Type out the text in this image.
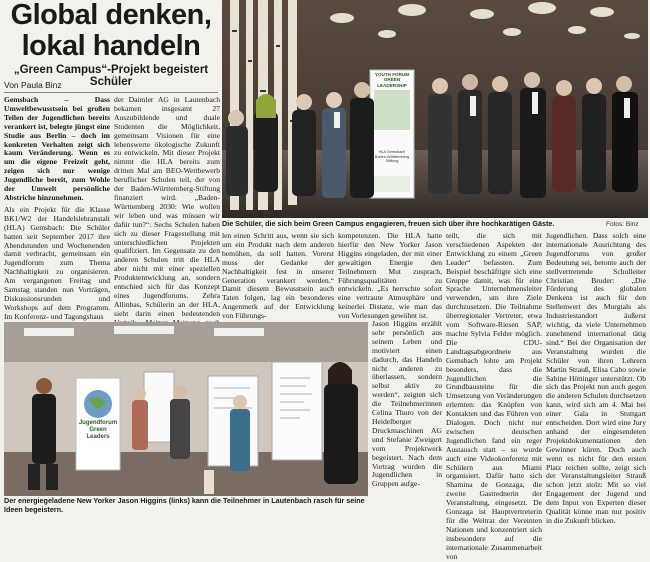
Global denken,
lokal handeln
„Green Campus“-Projekt begeistert Schüler
Von Paula Binz

Gemsbach – Dass Umweltbewusstsein bei großen Teilen der Jugendlichen bereits verankert ist, belegte jüngst eine Studie aus Berlin – doch im konkreten Verhalten zeigt sich kaum Veränderung. Wenn es um die eigene Freizeit geht, zeigen sich nur wenige Jugendliche bereit, zum Wohle der Umwelt persönliche Abstriche hinzunehmen.

Als ein Projekt für die Klasse BK1/W2 der Handelslehranstalt (HLA) Gemsbach: Die Schüler hatten seit September 2017 ihre Abendstunden und Wochenenden damit verbracht, gemeinsam ein Jugendforum zum Thema Nachhaltigkeit zu organisieren. Am vergangenen Freitag und Samstag standen nun Vorträgen, Diskussionsrunden und Workshops auf dem Programm. Im Konferenz- und Tagungshaus

der Daimler AG in Lautenbach bekamen insgesamt 27 Auszubildende und duale Studenten die Möglichkeit, gemeinsam Visionen für eine lebenswerte ökologische Zukunft zu entwickeln. Mit dieser Projekt nimmt die HLA bereits zum dritten Mal am BEO-Wettbewerb beruflicher Schulen teil, der von der Baden-Württemberg-Stiftung finanziert wird. „Baden-Württemberg 2030: Wie wollen wir leben und was müssen wir dafür tun?“: Sechs Schulen haben sich zu dieser Fragestellung mit unterschiedlichen Projekten qualifiziert. Im Gegensatz zu den anderen Schulen tritt die HLA aber nicht mit einer speziellen Produktentwicklung an, sondern entschied sich für das Konzept eines Jugendforums. Zehra Allinbas, Schülerin an der HLA, sieht darin einen bedeutenden

YOUTH FORUM
GREEN LEADERSHIP
HLA Gemsbach
Baden-Württemberg Stiftung
Die Schüler, die sich beim Green Campus engagieren, freuen sich über ihre hochkarätigen Gäste.	Fotos: Binz

len einen Schritt aus, wenn sie sich um ein Produkt nach dem anderen bemühen, da soll hatten. Vorerst muss der Gedanke der Nachhaltigkeit fest in unserer Generation verankert werden.“ Damit diesem Bewusstsein auch Taten folgen, lag ein besonderes Augenmerk auf der Entwicklung von Führungs-

kompetenzen. Die HLA hatte hierfür den New Yorker Jason Higgins eingeladen, der mit einer gewaltigen Energie den Teilnehmern Mut zusprach, Führungsqualitäten zu entwickeln. „Es herrschte sofort eine vertraute Atmosphäre und keinerlei Distanz, wie man das von Vorlesungen gewöhnt ist.

Jason Higgins erzählt sehr persönlich aus seinem Leben und motiviert einen dadurch, das Handeln nicht anderen zu überlassen, sondern selbst aktiv zu werden“, zeigten sich die Teilnehmerinnen Celina Thuro von der Heidelberger Druckmaschinen AG und Stefanie Zweigert vom Projektwerk begeistert. Nach dem Vortrag wurden die Jugendlichen in Gruppen aufge-

teilt, die sich mit verschiedenen Aspekten der Entwicklung zu einem „Green Leader“ befassten. Zum Beispiel beschäftigte sich eine Gruppe damit, was für eine Sprache Unternehmensleiter verwenden, um ihre Ziele durchzusetzen. Die Teilnahme überregionaler Vertreter, etwa vom Software-Riesen SAP, machte Sylvia Felder möglich. Die CDU-Landtagsabgeordnete aus Gemsbach lobte am Projekt besonders, dass die Jugendlichen die Grundbausteine für die Umsetzung von Veränderungen erlernten: das Knüpfen von Kontakten und das Führen von Dialogen. Doch nicht nur zwischen deutschen Jugendlichen fand ein reger Austausch statt – so wurde auch eine Videokonferenz mit Schülern aus Miami organisiert. Dafür hatte sich Shamina de Gonzaga, die zweite Gastrednerin der Veranstaltung, eingesetzt. De Gonzaga ist Hauptvertreterin für die Weltrat der Vereinten Nationen und konzentriert sich insbesondere auf die internationale Zusammenarbeit von

Jugendlichen. Dass solch eine internationale Ausrichtung des Jugendforums von großer Bedeutung sei, betonte auch der stellvertretende Schulleiter Christian Bruder: „Die Förderung des globalen Denkens ist auch für den Stellenwert des Murgtals als Industriestandort äußerst wichtig, da viele Unternehmen zunehmend international tätig sind.“ Bei der Organisation der Veranstaltung wurden die Schüler von ihren Lehrern Martin Strauß, Elisa Cabo sowie Sabine Höttinger unterstützt. Ob sich das Projekt nun auch gegen die anderen Schulen durchsetzen kann, wird sich am 4. Mai bei einer Gala in Stuttgart entscheiden. Dort wird eine Jury anhand der eingesendeten Projektdokumentationen den Gewinner küren. Doch auch wenn es nicht für den ersten Platz reichen sollte, zeigt sich der Veranstaltungsleiter Strauß schon jetzt stolz: Mit so viel Engagement der Jugend und dem Input von Experten dieser Qualität könne man nur positiv in die Zukunft blicken.

Jugendforum
Green
Leaders
Der energiegeladene New Yorker Jason Higgins (links) kann die Teilnehmer in Lautenbach rasch für seine Ideen begeistern.
